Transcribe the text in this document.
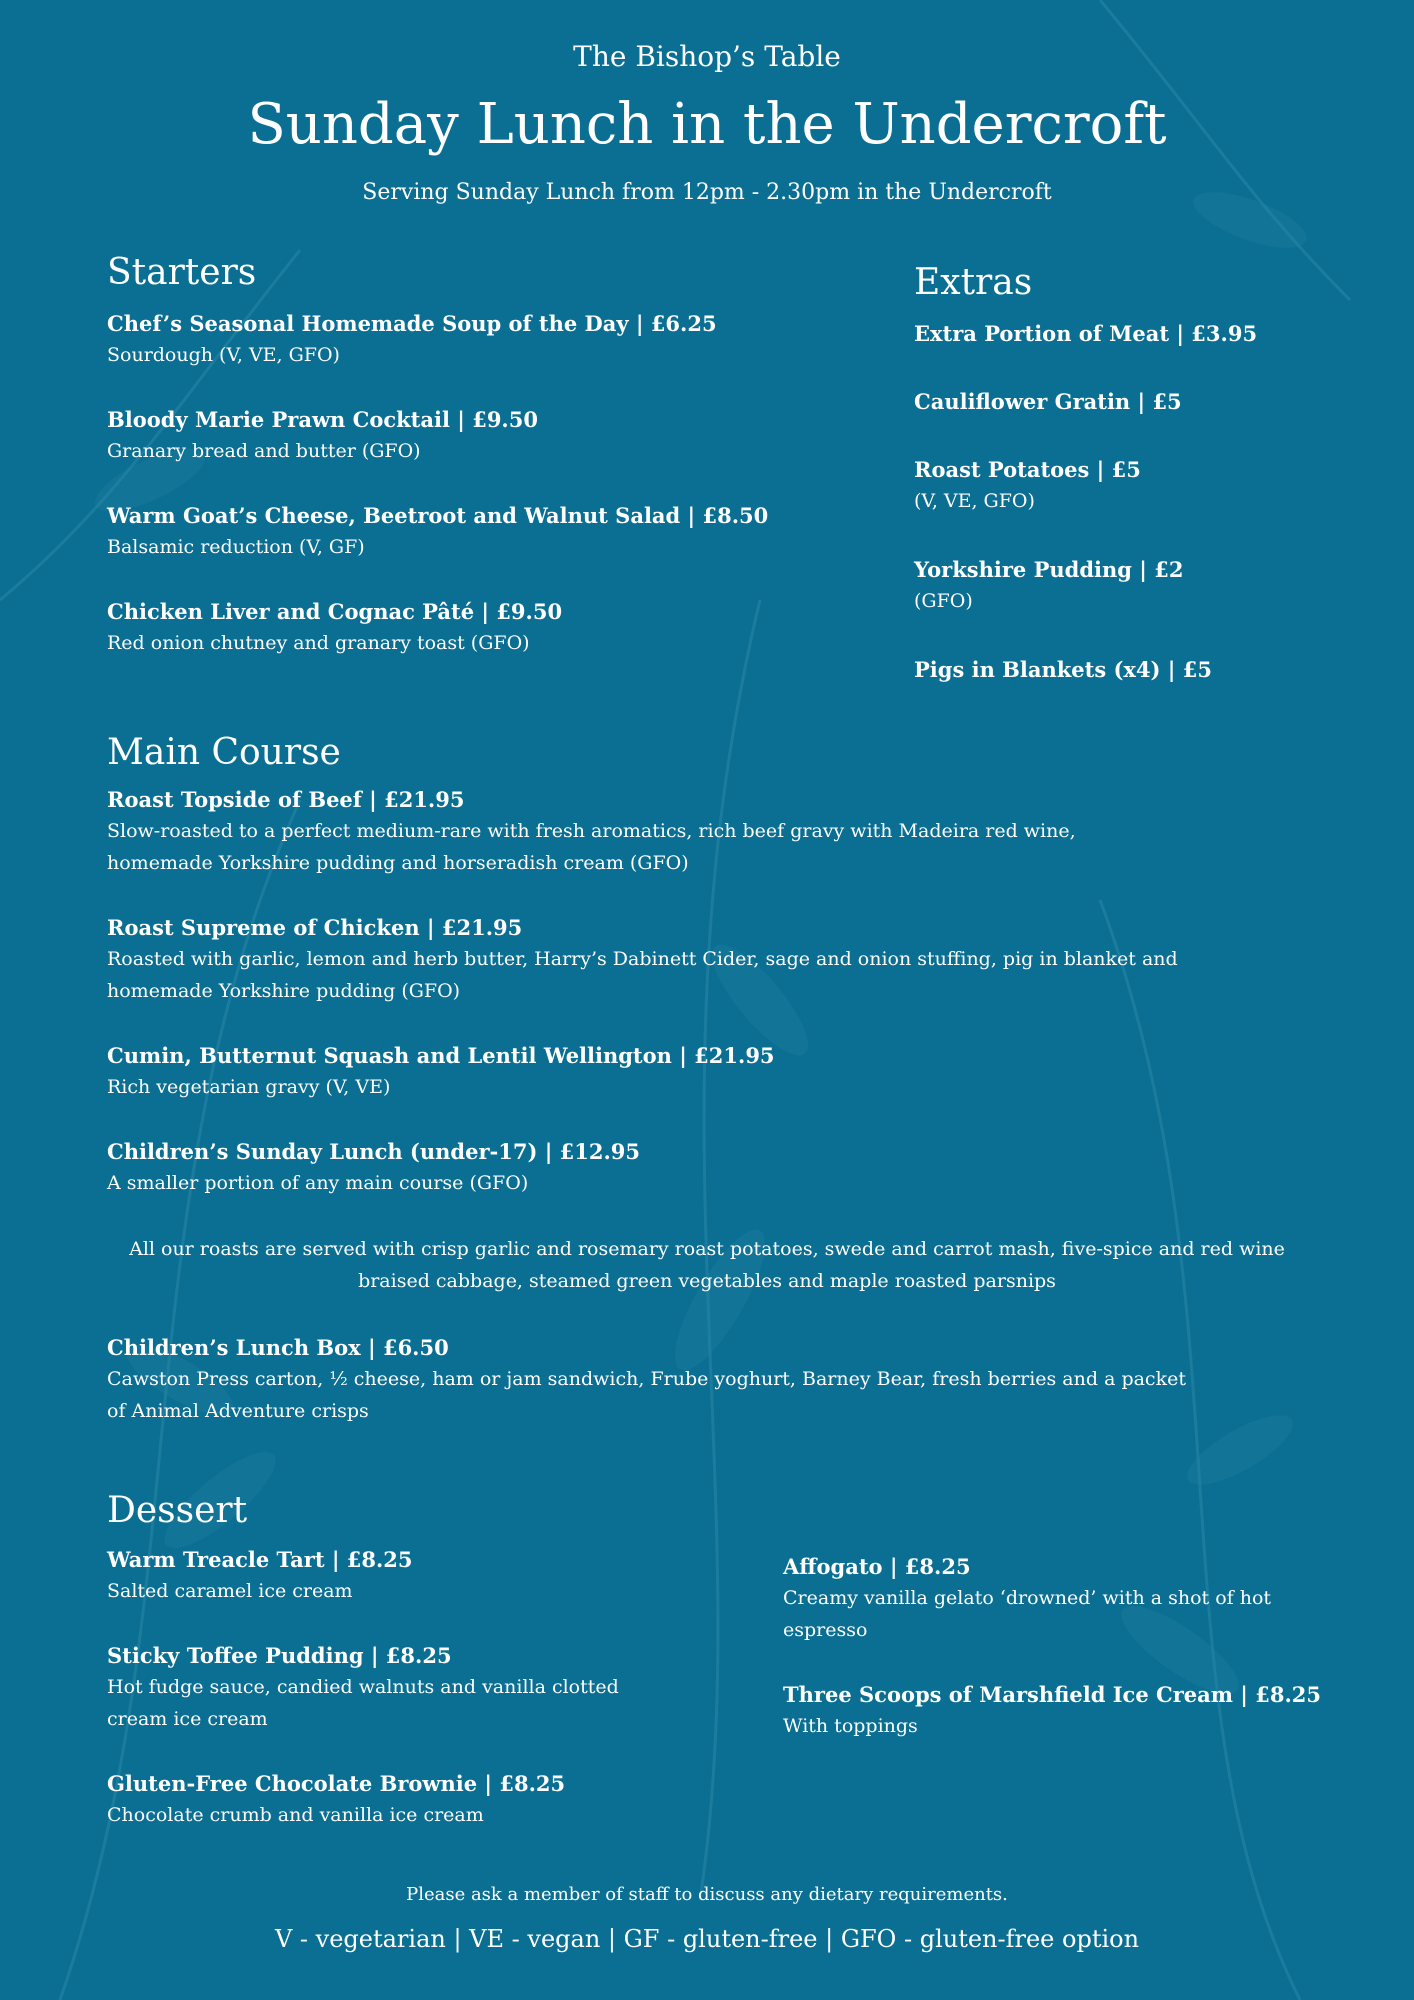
The Bishop’s Table
Sunday Lunch in the Undercroft
Serving Sunday Lunch from 12pm - 2.30pm in the Undercroft
Starters
Chef’s Seasonal Homemade Soup of the Day | £6.25
Sourdough (V, VE, GFO)
Bloody Marie Prawn Cocktail | £9.50
Granary bread and butter (GFO)
Warm Goat’s Cheese, Beetroot and Walnut Salad | £8.50
Balsamic reduction (V, GF)
Chicken Liver and Cognac Pâté | £9.50
Red onion chutney and granary toast (GFO)
Extras
Extra Portion of Meat | £3.95
Cauliflower Gratin | £5
Roast Potatoes | £5
(V, VE, GFO)
Yorkshire Pudding | £2
(GFO)
Pigs in Blankets (x4) | £5
Main Course
Roast Topside of Beef | £21.95
Slow-roasted to a perfect medium-rare with fresh aromatics, rich beef gravy with Madeira red wine, homemade Yorkshire pudding and horseradish cream (GFO)
Roast Supreme of Chicken | £21.95
Roasted with garlic, lemon and herb butter, Harry’s Dabinett Cider, sage and onion stuffing, pig in blanket and homemade Yorkshire pudding (GFO)
Cumin, Butternut Squash and Lentil Wellington | £21.95
Rich vegetarian gravy (V, VE)
Children’s Sunday Lunch (under-17) | £12.95
A smaller portion of any main course (GFO)
All our roasts are served with crisp garlic and rosemary roast potatoes, swede and carrot mash, five-spice and red wine braised cabbage, steamed green vegetables and maple roasted parsnips
Children’s Lunch Box | £6.50
Cawston Press carton, ½ cheese, ham or jam sandwich, Frube yoghurt, Barney Bear, fresh berries and a packet of Animal Adventure crisps
Dessert
Warm Treacle Tart | £8.25
Salted caramel ice cream
Sticky Toffee Pudding | £8.25
Hot fudge sauce, candied walnuts and vanilla clotted cream ice cream
Gluten-Free Chocolate Brownie | £8.25
Chocolate crumb and vanilla ice cream
Affogato | £8.25
Creamy vanilla gelato ‘drowned’ with a shot of hot espresso
Three Scoops of Marshfield Ice Cream | £8.25
With toppings
Please ask a member of staff to discuss any dietary requirements.
V - vegetarian | VE - vegan | GF - gluten-free | GFO - gluten-free option
